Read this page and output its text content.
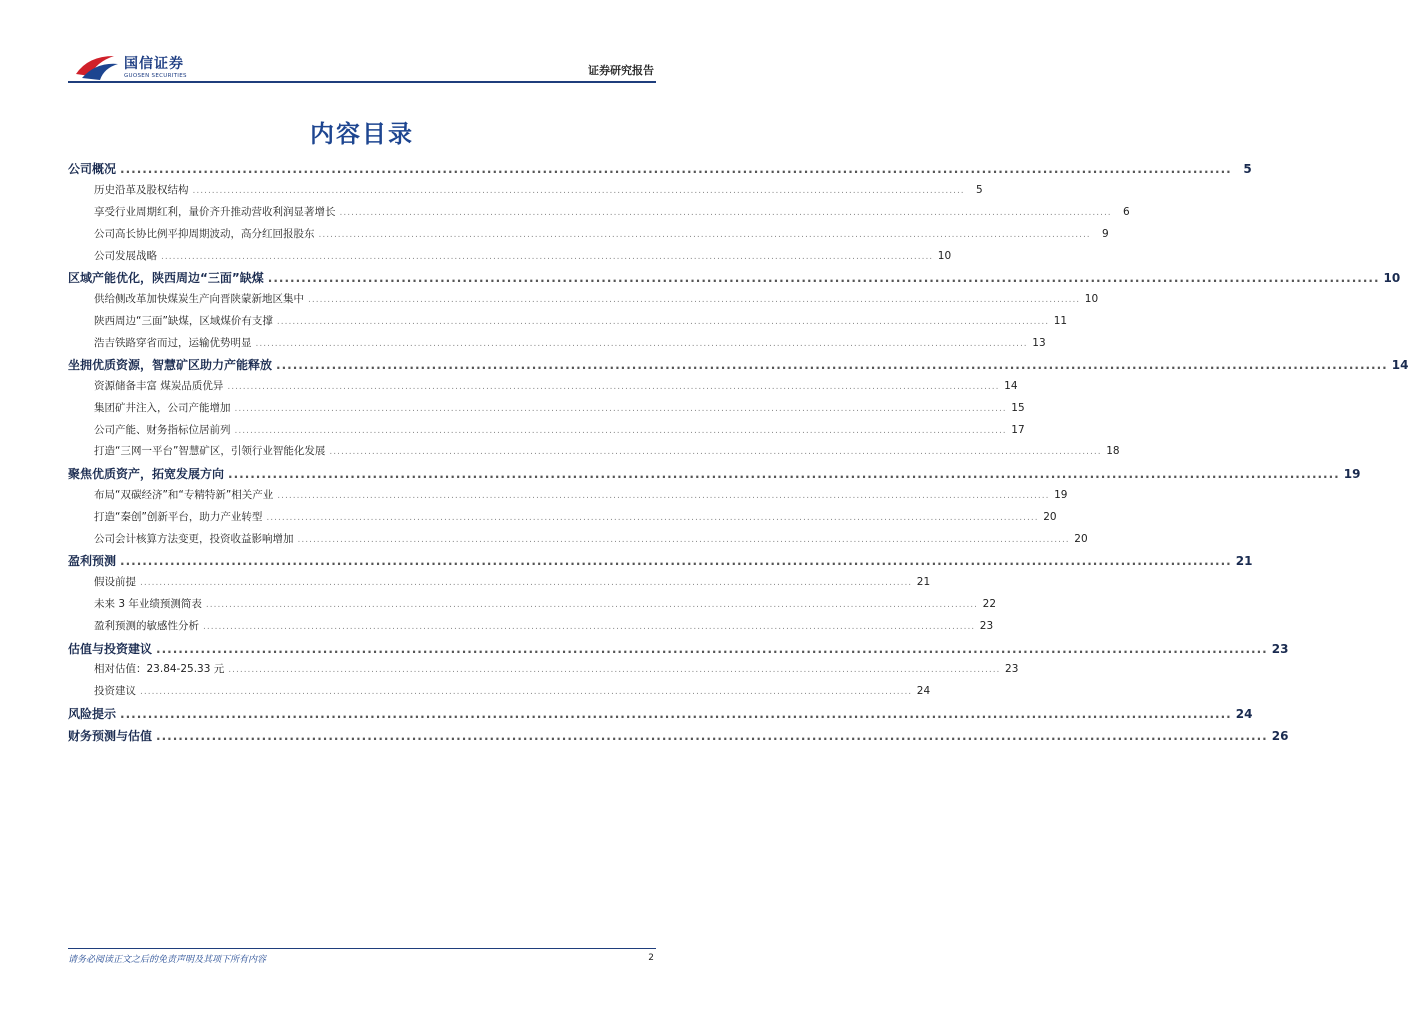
国信证券
GUOSEN SECURITIES	证券研究报告
内容目录
公司概况 ........................................................................................................................................................................................................ 5
历史沿革及股权结构 ........................................................................................................................................................................................................	5
享受行业周期红利，量价齐升推动营收利润显著增长 ........................................................................................................................................................................................................	6
公司高长协比例平抑周期波动，高分红回报股东 ........................................................................................................................................................................................................	9
公司发展战略 ........................................................................................................................................................................................................ 10
区域产能优化，陕西周边“三面”缺煤 ........................................................................................................................................................................................................ 10
供给侧改革加快煤炭生产向晋陕蒙新地区集中 ........................................................................................................................................................................................................ 10
陕西周边“三面”缺煤，区域煤价有支撑 ........................................................................................................................................................................................................ 11
浩吉铁路穿省而过，运输优势明显 ........................................................................................................................................................................................................ 13
坐拥优质资源，智慧矿区助力产能释放 ........................................................................................................................................................................................................ 14
资源储备丰富 煤炭品质优异 ........................................................................................................................................................................................................ 14
集团矿井注入，公司产能增加 ........................................................................................................................................................................................................ 15
公司产能、财务指标位居前列 ........................................................................................................................................................................................................ 17
打造“三网一平台”智慧矿区，引领行业智能化发展 ........................................................................................................................................................................................................ 18
聚焦优质资产，拓宽发展方向 ........................................................................................................................................................................................................ 19
布局“双碳经济”和“专精特新”相关产业 ........................................................................................................................................................................................................ 19
打造“秦创”创新平台，助力产业转型 ........................................................................................................................................................................................................ 20
公司会计核算方法变更，投资收益影响增加 ........................................................................................................................................................................................................ 20
盈利预测 ........................................................................................................................................................................................................ 21
假设前提 ........................................................................................................................................................................................................ 21
未来 3 年业绩预测简表 ........................................................................................................................................................................................................ 22
盈利预测的敏感性分析 ........................................................................................................................................................................................................ 23
估值与投资建议 ........................................................................................................................................................................................................ 23
相对估值：23.84-25.33 元 ........................................................................................................................................................................................................ 23
投资建议 ........................................................................................................................................................................................................ 24
风险提示 ........................................................................................................................................................................................................ 24
财务预测与估值 ........................................................................................................................................................................................................ 26
请务必阅读正文之后的免责声明及其项下所有内容	2
